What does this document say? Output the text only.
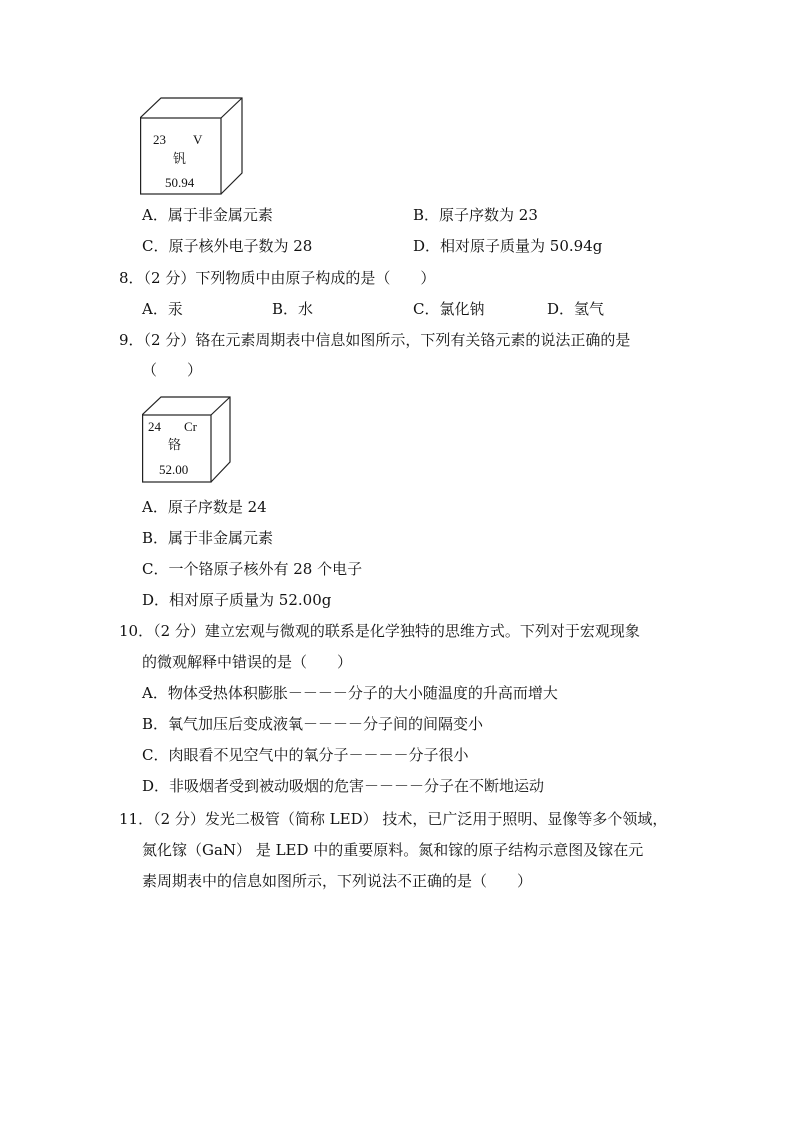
23 V
钒
50.94
A．属于非金属元素	B．原子序数为 23
C．原子核外电子数为 28	D．相对原子质量为 50.94g
8．（2 分）下列物质中由原子构成的是（　　）
A．汞	B．水	C．氯化钠	D．氢气
9．（2 分）铬在元素周期表中信息如图所示，下列有关铬元素的说法正确的是
（　　）
24 Cr
铬
52.00
A．原子序数是 24
B．属于非金属元素
C．一个铬原子核外有 28 个电子
D．相对原子质量为 52.00g
10．（2 分）建立宏观与微观的联系是化学独特的思维方式。下列对于宏观现象
的微观解释中错误的是（　　）
A．物体受热体积膨胀－－－－分子的大小随温度的升高而增大
B．氧气加压后变成液氧－－－－分子间的间隔变小
C．肉眼看不见空气中的氧分子－－－－分子很小
D．非吸烟者受到被动吸烟的危害－－－－分子在不断地运动
11．（2 分）发光二极管（简称 LED） 技术，已广泛用于照明、显像等多个领域，
氮化镓（GaN） 是 LED 中的重要原料。氮和镓的原子结构示意图及镓在元
素周期表中的信息如图所示，下列说法不正确的是（　　）
